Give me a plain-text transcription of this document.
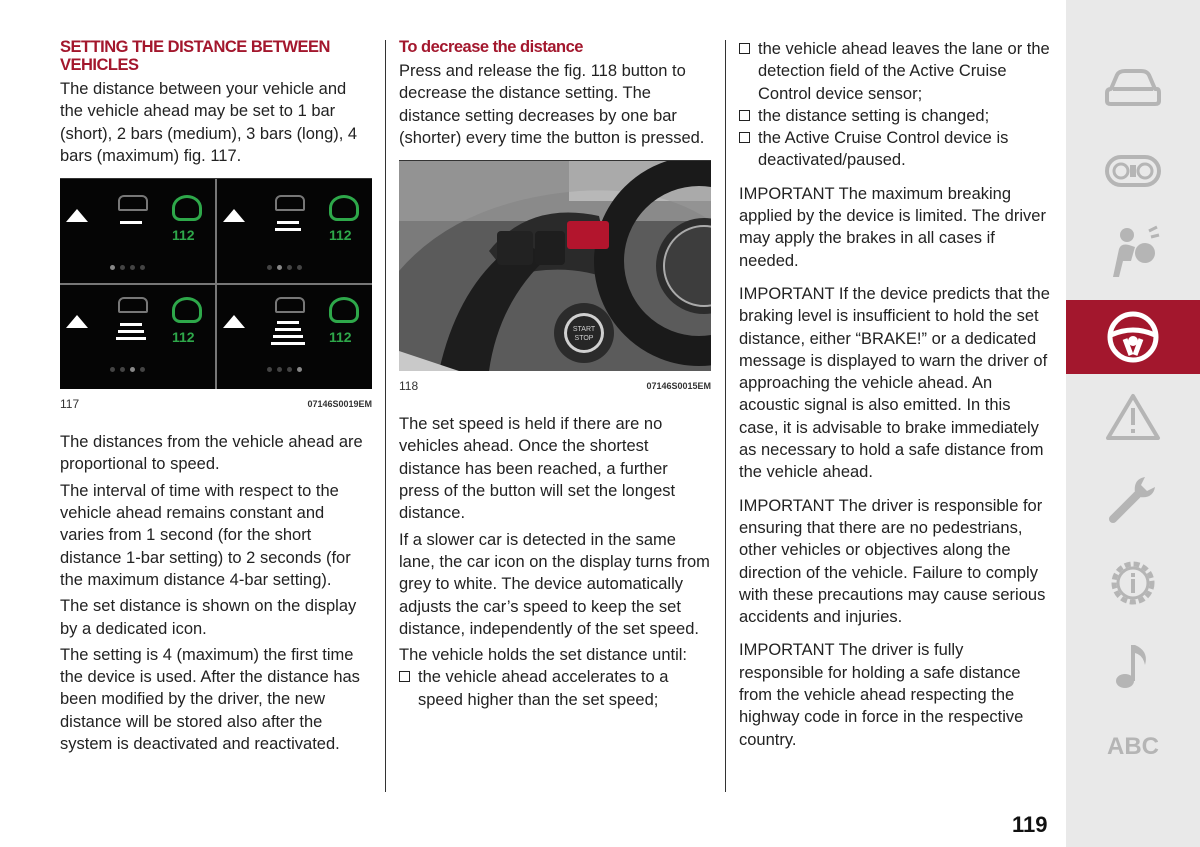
SETTING THE DISTANCE BETWEEN VEHICLES

The distance between your vehicle and the vehicle ahead may be set to 1 bar (short), 2 bars (medium), 3 bars (long), 4 bars (maximum) fig. 117.

112	112
112	112
117	07146S0019EM

The distances from the vehicle ahead are proportional to speed.

The interval of time with respect to the vehicle ahead remains constant and varies from 1 second (for the short distance 1-bar setting) to 2 seconds (for the maximum distance 4-bar setting).

The set distance is shown on the display by a dedicated icon.

The setting is 4 (maximum) the first time the device is used. After the distance has been modified by the driver, the new distance will be stored also after the system is deactivated and reactivated.

To decrease the distance

Press and release the fig. 118 button to decrease the distance setting. The distance setting decreases by one bar (shorter) every time the button is pressed.

START
STOP
118	07146S0015EM

The set speed is held if there are no vehicles ahead. Once the shortest distance has been reached, a further press of the button will set the longest distance.

If a slower car is detected in the same lane, the car icon on the display turns from grey to white. The device automatically adjusts the car’s speed to keep the set distance, independently of the set speed.

The vehicle holds the set distance until:

the vehicle ahead accelerates to a speed higher than the set speed;

the vehicle ahead leaves the lane or the detection field of the Active Cruise Control device sensor;

the distance setting is changed;

the Active Cruise Control device is deactivated/paused.

IMPORTANT The maximum breaking applied by the device is limited. The driver may apply the brakes in all cases if needed.

IMPORTANT If the device predicts that the braking level is insufficient to hold the set distance, either “BRAKE!” or a dedicated message is displayed to warn the driver of approaching the vehicle ahead. An acoustic signal is also emitted. In this case, it is advisable to brake immediately as necessary to hold a safe distance from the vehicle ahead.

IMPORTANT The driver is responsible for ensuring that there are no pedestrians, other vehicles or objectives along the direction of the vehicle. Failure to comply with these precautions may cause serious accidents and injuries.

IMPORTANT The driver is fully responsible for holding a safe distance from the vehicle ahead respecting the highway code in force in the respective country.

119
ABC
